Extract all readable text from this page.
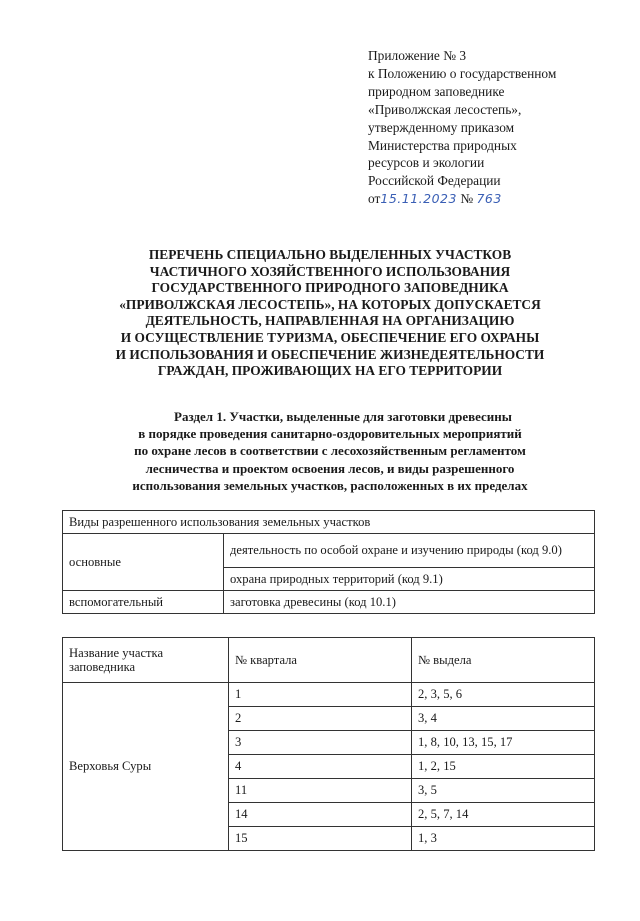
Приложение № 3
к Положению о государственном
природном заповеднике
«Приволжская лесостепь»,
утвержденному приказом
Министерства природных
ресурсов и экологии
Российской Федерации
от15.11.2023 № 763
ПЕРЕЧЕНЬ СПЕЦИАЛЬНО ВЫДЕЛЕННЫХ УЧАСТКОВ
ЧАСТИЧНОГО ХОЗЯЙСТВЕННОГО ИСПОЛЬЗОВАНИЯ
ГОСУДАРСТВЕННОГО ПРИРОДНОГО ЗАПОВЕДНИКА
«ПРИВОЛЖСКАЯ ЛЕСОСТЕПЬ», НА КОТОРЫХ ДОПУСКАЕТСЯ
ДЕЯТЕЛЬНОСТЬ, НАПРАВЛЕННАЯ НА ОРГАНИЗАЦИЮ
И ОСУЩЕСТВЛЕНИЕ ТУРИЗМА, ОБЕСПЕЧЕНИЕ ЕГО ОХРАНЫ
И ИСПОЛЬЗОВАНИЯ И ОБЕСПЕЧЕНИЕ ЖИЗНЕДЕЯТЕЛЬНОСТИ
ГРАЖДАН, ПРОЖИВАЮЩИХ НА ЕГО ТЕРРИТОРИИ
Раздел 1. Участки, выделенные для заготовки древесины
в порядке проведения санитарно-оздоровительных мероприятий
по охране лесов в соответствии с лесохозяйственным регламентом
лесничества и проектом освоения лесов, и виды разрешенного
использования земельных участков, расположенных в их пределах
Виды разрешенного использования земельных участков	
основные	деятельность по особой охране и изучению природы (код 9.0)
	охрана природных территорий (код 9.1)
вспомогательный	заготовка древесины (код 10.1)
Название участка заповедника	№ квартала	№ выдела
Верховья Суры	1	2, 3, 5, 6
	2	3, 4
	3	1, 8, 10, 13, 15, 17
	4	1, 2, 15
	11	3, 5
	14	2, 5, 7, 14
	15	1, 3
